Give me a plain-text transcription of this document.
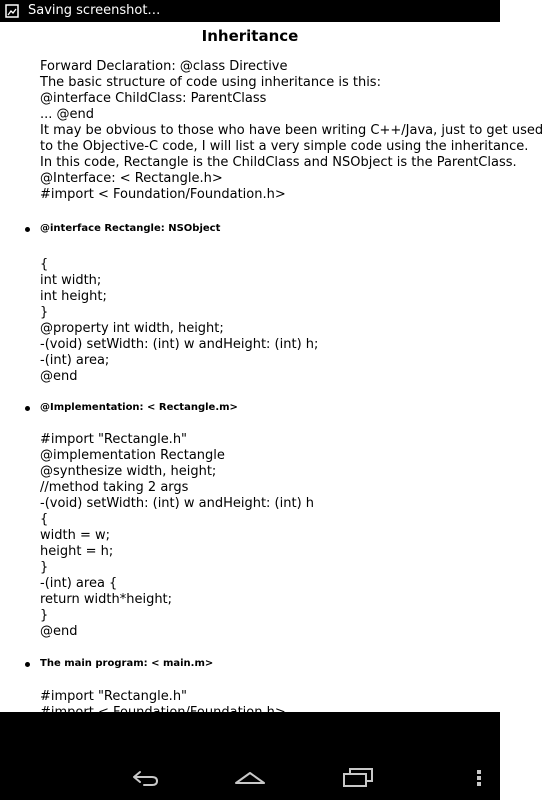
Saving screenshot…
Inheritance
Forward Declaration: @class Directive
The basic structure of code using inheritance is this:
@interface ChildClass: ParentClass
... @end
It may be obvious to those who have been writing C++/Java, just to get used
to the Objective-C code, I will list a very simple code using the inheritance.
In this code, Rectangle is the ChildClass and NSObject is the ParentClass.
@Interface: < Rectangle.h>
#import < Foundation/Foundation.h>
@interface Rectangle: NSObject
{
int width;
int height;
}
@property int width, height;
-(void) setWidth: (int) w andHeight: (int) h;
-(int) area;
@end
@Implementation: < Rectangle.m>
#import "Rectangle.h"
@implementation Rectangle
@synthesize width, height;
//method taking 2 args
-(void) setWidth: (int) w andHeight: (int) h
{
width = w;
height = h;
}
-(int) area {
return width*height;
}
@end
The main program: < main.m>
#import "Rectangle.h"
